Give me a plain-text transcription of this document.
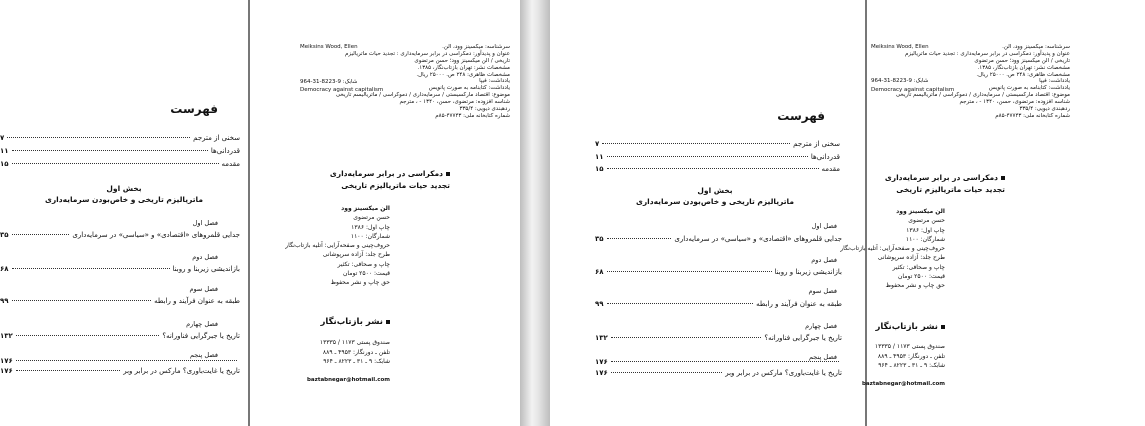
فهرست
سخنی از مترجم
۷
قدردانی‌ها
۱۱
مقدمه
۱۵
بخش اول
ماتریالیزم تاریخی و خاص‌بودن سرمایه‌داری
فصل اول
جدایی قلمروهای «اقتصادی» و «سیاسی» در سرمایه‌داری
۳۵
فصل دوم
بازاندیشی زیربنا و روبنا
۶۸
فصل سوم
طبقه به عنوان فرآیند و رابطه
۹۹
فصل چهارم
تاریخ یا جبرگرایی فناورانه؟
۱۳۲
فصل پنجم
۱۷۶
تاریخ یا غایت‌باوری؟ مارکس در برابر وبر
۱۷۶
سرشناسه: میکسینز وود، الن.
عنوان و پدیدآور: دمکراسی در برابر سرمایه‌داری : تجدید حیات ماتریالیزم
تاریخی / الن میکسینز وود؛ حسن مرتضوی
مشخصات نشر: تهران بازتاب‌نگار، ۱۳۸۵.
مشخصات ظاهری: ۲۴۸ ص. ۲۵۰۰۰ ریال.
یادداشت: فیپا
یادداشت: کتابنامه به صورت پانویس
موضوع: اقتصاد مارکسیستی / سرمایه‌داری / دموکراسی / ماتریالیسم تاریخی
شناسه افزوده: مرتضوی، حسن، ۱۳۴۰ - ، مترجم
ردهبندی دیویی: ۳۳۵/۴
شماره کتابخانه ملی: ۴۷۷۴۳-۸۵م
Meiksins Wood, Ellen
شابک: 9-8223-31-964
Democracy against capitalism
دمکراسی در برابر سرمایه‌داری
تجدید حیات ماتریالیزم تاریخی
الن میکسینز وود
حسن مرتضوی
چاپ اول: ۱۳۸۶
شمارگان: ۱۱۰۰
حروف‌چینی و صفحه‌آرایی: آتلیه بازتاب‌نگار
طرح جلد: آزاده سرپوشانی
چاپ و صحافی: تکثیر
قیمت: ۲۵۰۰ تومان
حق چاپ و نشر محفوظ
نشر بازتاب‌نگار
صندوق پستی ۱۱۷۳ / ۱۳۳۳۵
تلفن ـ دورنگار: ۴۹۵۳ ـ ۸۸۹
شابک: ۹ ـ ۳۱ ـ ۸۲۲۳ ـ ۹۶۴
baztabnegar@hotmail.com
فهرست
سخنی از مترجم
۷
قدردانی‌ها
۱۱
مقدمه
۱۵
بخش اول
ماتریالیزم تاریخی و خاص‌بودن سرمایه‌داری
فصل اول
جدایی قلمروهای «اقتصادی» و «سیاسی» در سرمایه‌داری
۳۵
فصل دوم
بازاندیشی زیربنا و روبنا
۶۸
فصل سوم
طبقه به عنوان فرآیند و رابطه
۹۹
فصل چهارم
تاریخ یا جبرگرایی فناورانه؟
۱۳۲
فصل پنجم
۱۷۶
تاریخ یا غایت‌باوری؟ مارکس در برابر وبر
۱۷۶
سرشناسه: میکسینز وود، الن.
عنوان و پدیدآور: دمکراسی در برابر سرمایه‌داری : تجدید حیات ماتریالیزم
تاریخی / الن میکسینز وود؛ حسن مرتضوی
مشخصات نشر: تهران بازتاب‌نگار، ۱۳۸۵.
مشخصات ظاهری: ۲۴۸ ص. ۲۵۰۰۰ ریال.
یادداشت: فیپا
یادداشت: کتابنامه به صورت پانویس
موضوع: اقتصاد مارکسیستی / سرمایه‌داری / دموکراسی / ماتریالیسم تاریخی
شناسه افزوده: مرتضوی، حسن، ۱۳۴۰ - ، مترجم
ردهبندی دیویی: ۳۳۵/۴
شماره کتابخانه ملی: ۴۷۷۴۳-۸۵م
Meiksins Wood, Ellen
شابک: 9-8223-31-964
Democracy against capitalism
دمکراسی در برابر سرمایه‌داری
تجدید حیات ماتریالیزم تاریخی
الن میکسینز وود
حسن مرتضوی
چاپ اول: ۱۳۸۶
شمارگان: ۱۱۰۰
حروف‌چینی و صفحه‌آرایی: آتلیه بازتاب‌نگار
طرح جلد: آزاده سرپوشانی
چاپ و صحافی: تکثیر
قیمت: ۲۵۰۰ تومان
حق چاپ و نشر محفوظ
نشر بازتاب‌نگار
صندوق پستی ۱۱۷۳ / ۱۳۳۳۵
تلفن ـ دورنگار: ۴۹۵۳ ـ ۸۸۹
شابک: ۹ ـ ۳۱ ـ ۸۲۲۳ ـ ۹۶۴
baztabnegar@hotmail.com
